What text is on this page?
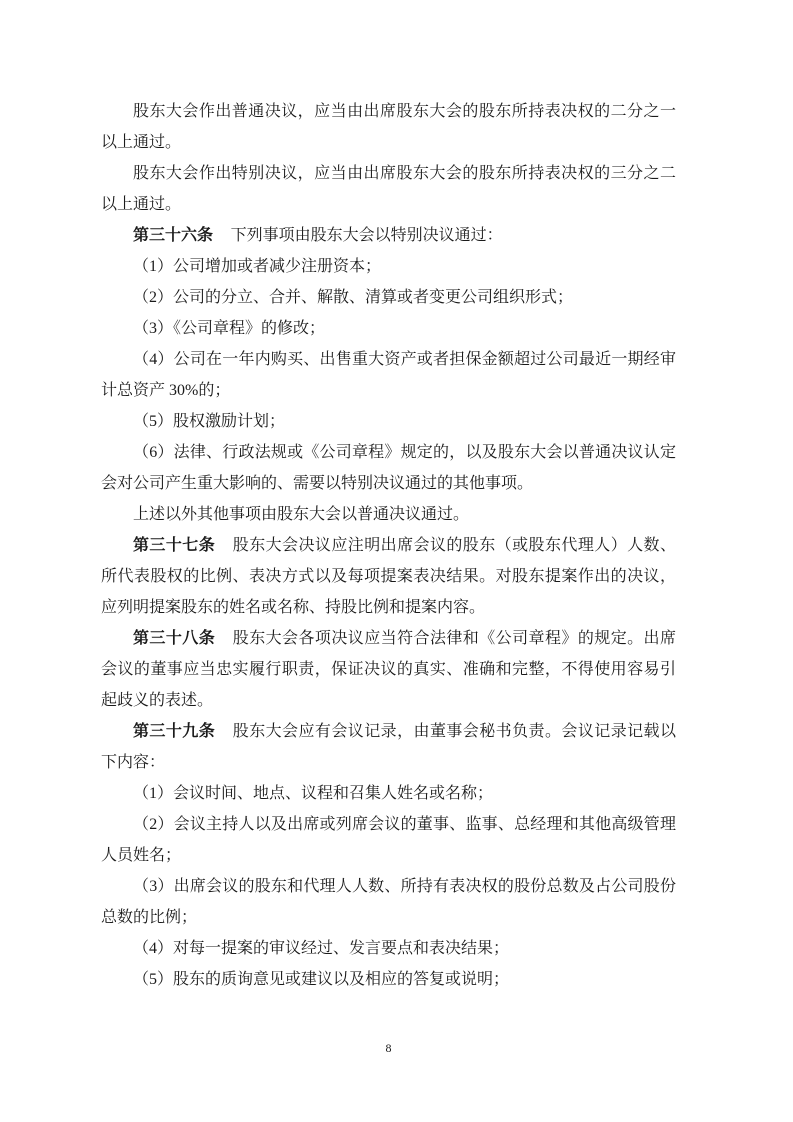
股东大会作出普通决议，应当由出席股东大会的股东所持表决权的二分之一以上通过。

股东大会作出特别决议，应当由出席股东大会的股东所持表决权的三分之二以上通过。

第三十六条 下列事项由股东大会以特别决议通过：

（1）公司增加或者减少注册资本；

（2）公司的分立、合并、解散、清算或者变更公司组织形式；

（3）《公司章程》的修改；

（4）公司在一年内购买、出售重大资产或者担保金额超过公司最近一期经审计总资产 30%的；

（5）股权激励计划；

（6）法律、行政法规或《公司章程》规定的，以及股东大会以普通决议认定会对公司产生重大影响的、需要以特别决议通过的其他事项。

上述以外其他事项由股东大会以普通决议通过。

第三十七条 股东大会决议应注明出席会议的股东（或股东代理人）人数、所代表股权的比例、表决方式以及每项提案表决结果。对股东提案作出的决议，应列明提案股东的姓名或名称、持股比例和提案内容。

第三十八条 股东大会各项决议应当符合法律和《公司章程》的规定。出席会议的董事应当忠实履行职责，保证决议的真实、准确和完整，不得使用容易引起歧义的表述。

第三十九条 股东大会应有会议记录，由董事会秘书负责。会议记录记载以下内容：

（1）会议时间、地点、议程和召集人姓名或名称；

（2）会议主持人以及出席或列席会议的董事、监事、总经理和其他高级管理人员姓名；

（3）出席会议的股东和代理人人数、所持有表决权的股份总数及占公司股份总数的比例；

（4）对每一提案的审议经过、发言要点和表决结果；

（5）股东的质询意见或建议以及相应的答复或说明；

8
